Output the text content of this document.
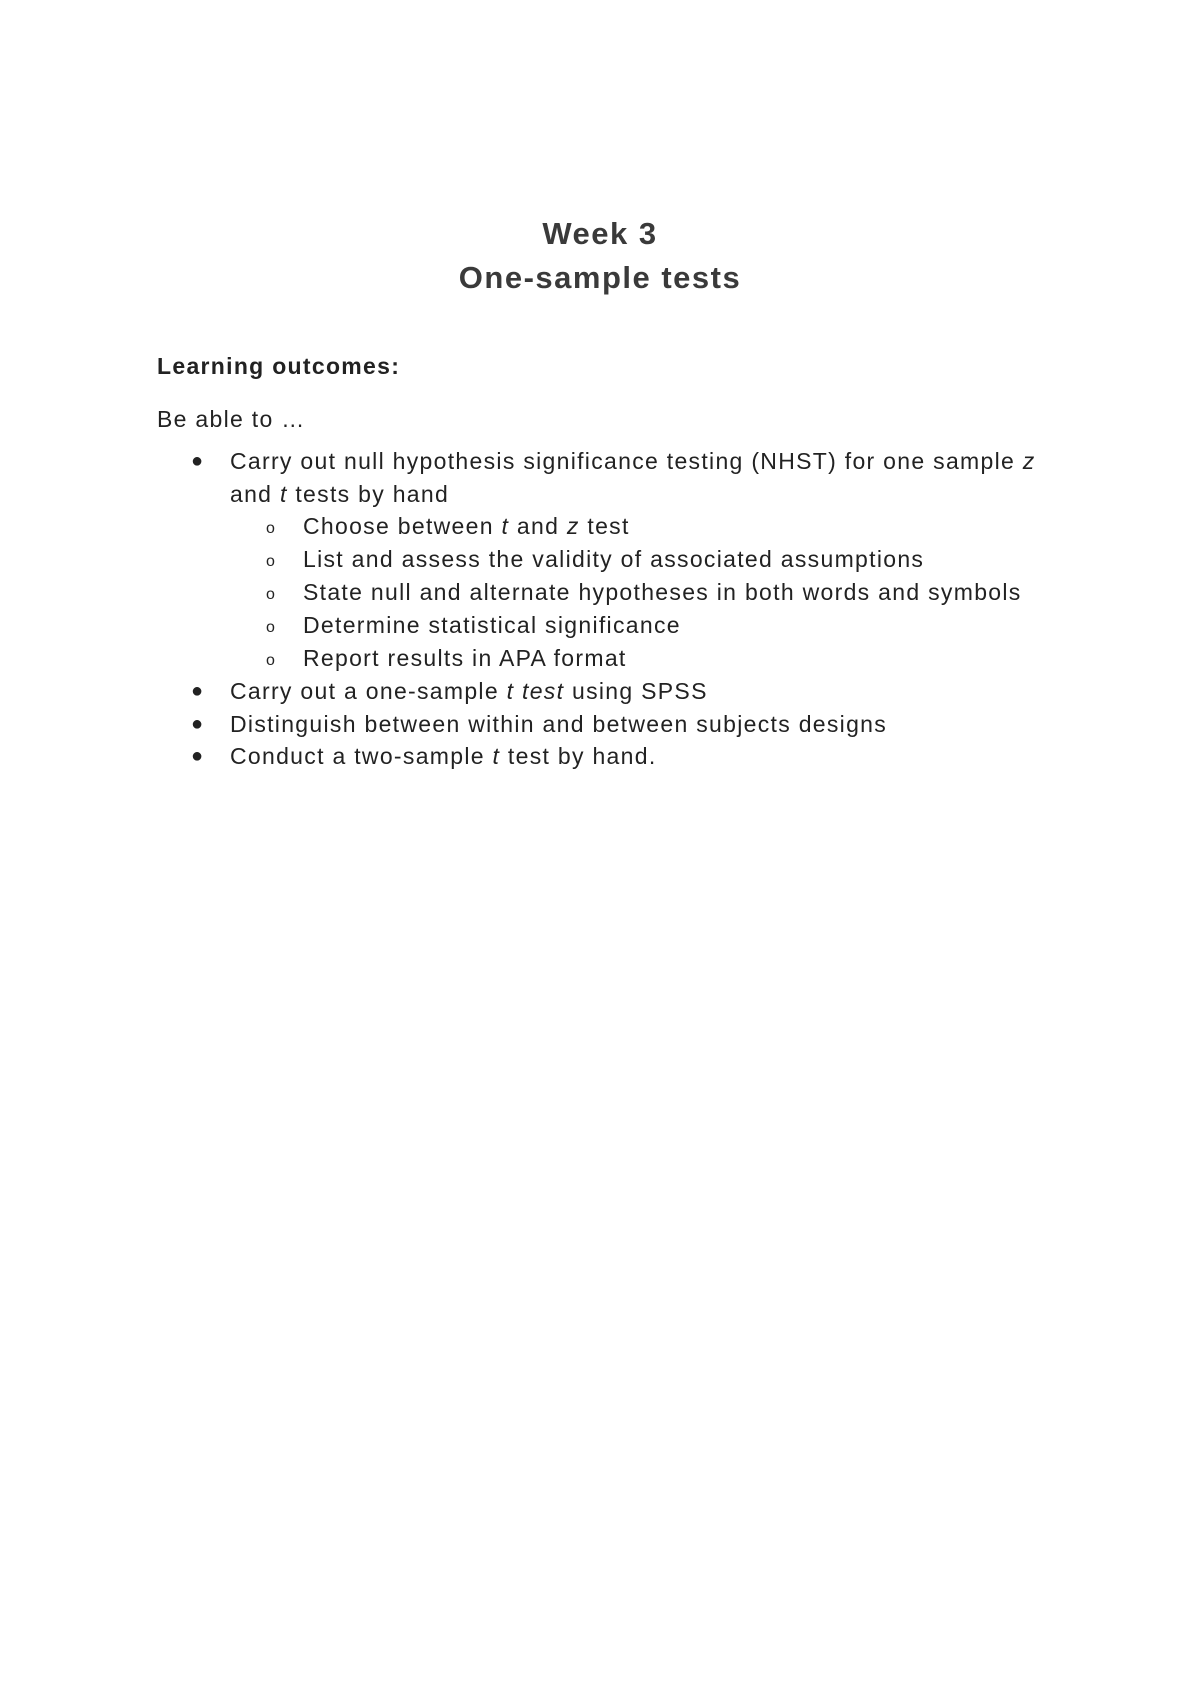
Week 3
One-sample tests

Learning outcomes:

Be able to …

● Carry out null hypothesis significance testing (NHST) for one sample z and t tests by hand
o Choose between t and z test
o List and assess the validity of associated assumptions
o State null and alternate hypotheses in both words and symbols
o Determine statistical significance
o Report results in APA format
● Carry out a one-sample t test using SPSS
● Distinguish between within and between subjects designs
● Conduct a two-sample t test by hand.
